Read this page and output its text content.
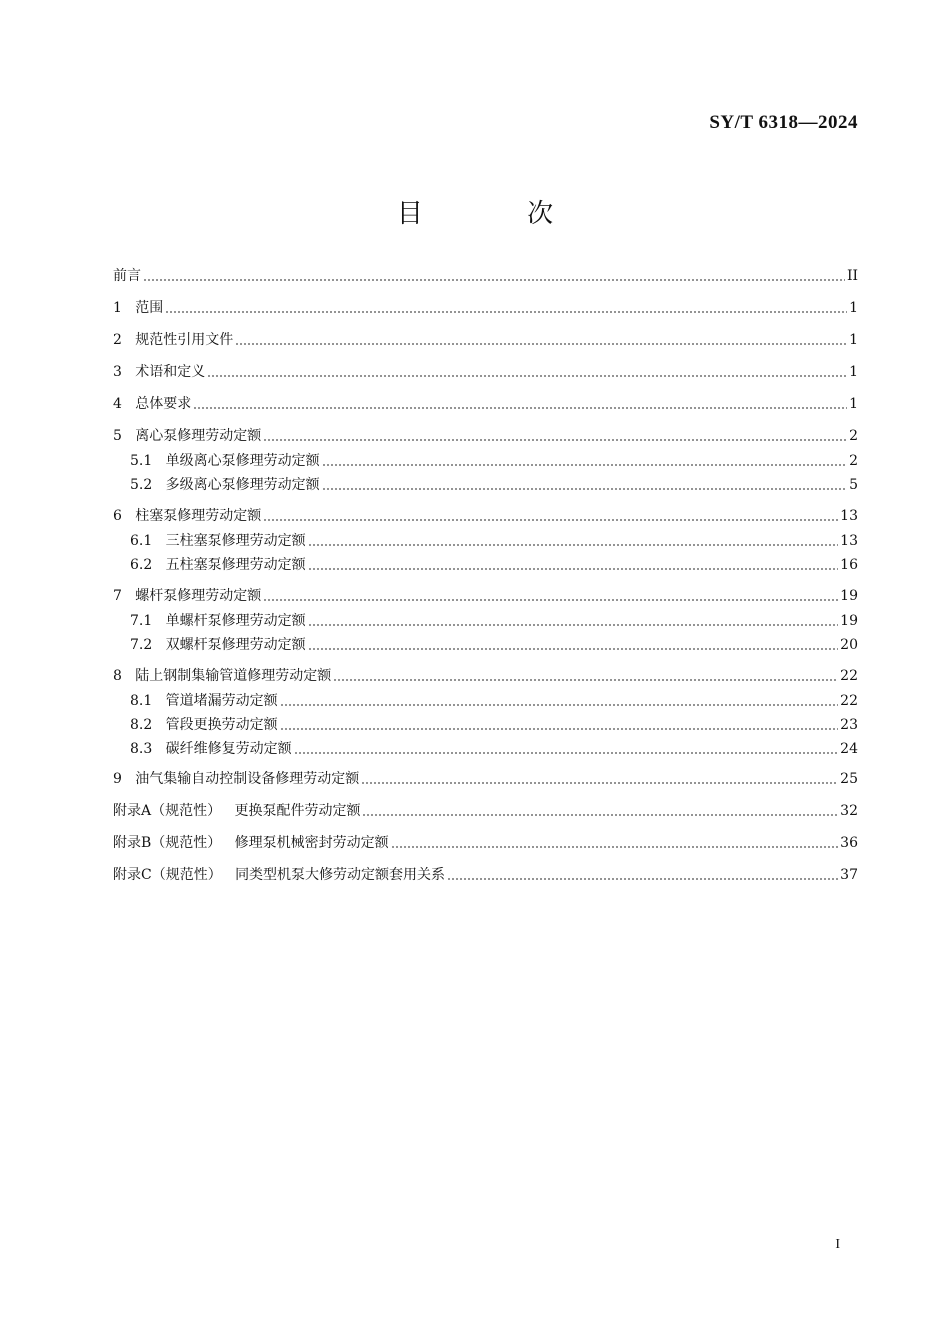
SY/T 6318—2024
目 次
前言	II
1 范围	1
2 规范性引用文件	1
3 术语和定义	1
4 总体要求	1
5 离心泵修理劳动定额	2
5.1 单级离心泵修理劳动定额	2
5.2 多级离心泵修理劳动定额	5
6 柱塞泵修理劳动定额	13
6.1 三柱塞泵修理劳动定额	13
6.2 五柱塞泵修理劳动定额	16
7 螺杆泵修理劳动定额	19
7.1 单螺杆泵修理劳动定额	19
7.2 双螺杆泵修理劳动定额	20
8 陆上钢制集输管道修理劳动定额	22
8.1 管道堵漏劳动定额	22
8.2 管段更换劳动定额	23
8.3 碳纤维修复劳动定额	24
9 油气集输自动控制设备修理劳动定额	25
附录A（规范性） 更换泵配件劳动定额	32
附录B（规范性） 修理泵机械密封劳动定额	36
附录C（规范性） 同类型机泵大修劳动定额套用关系	37
I
